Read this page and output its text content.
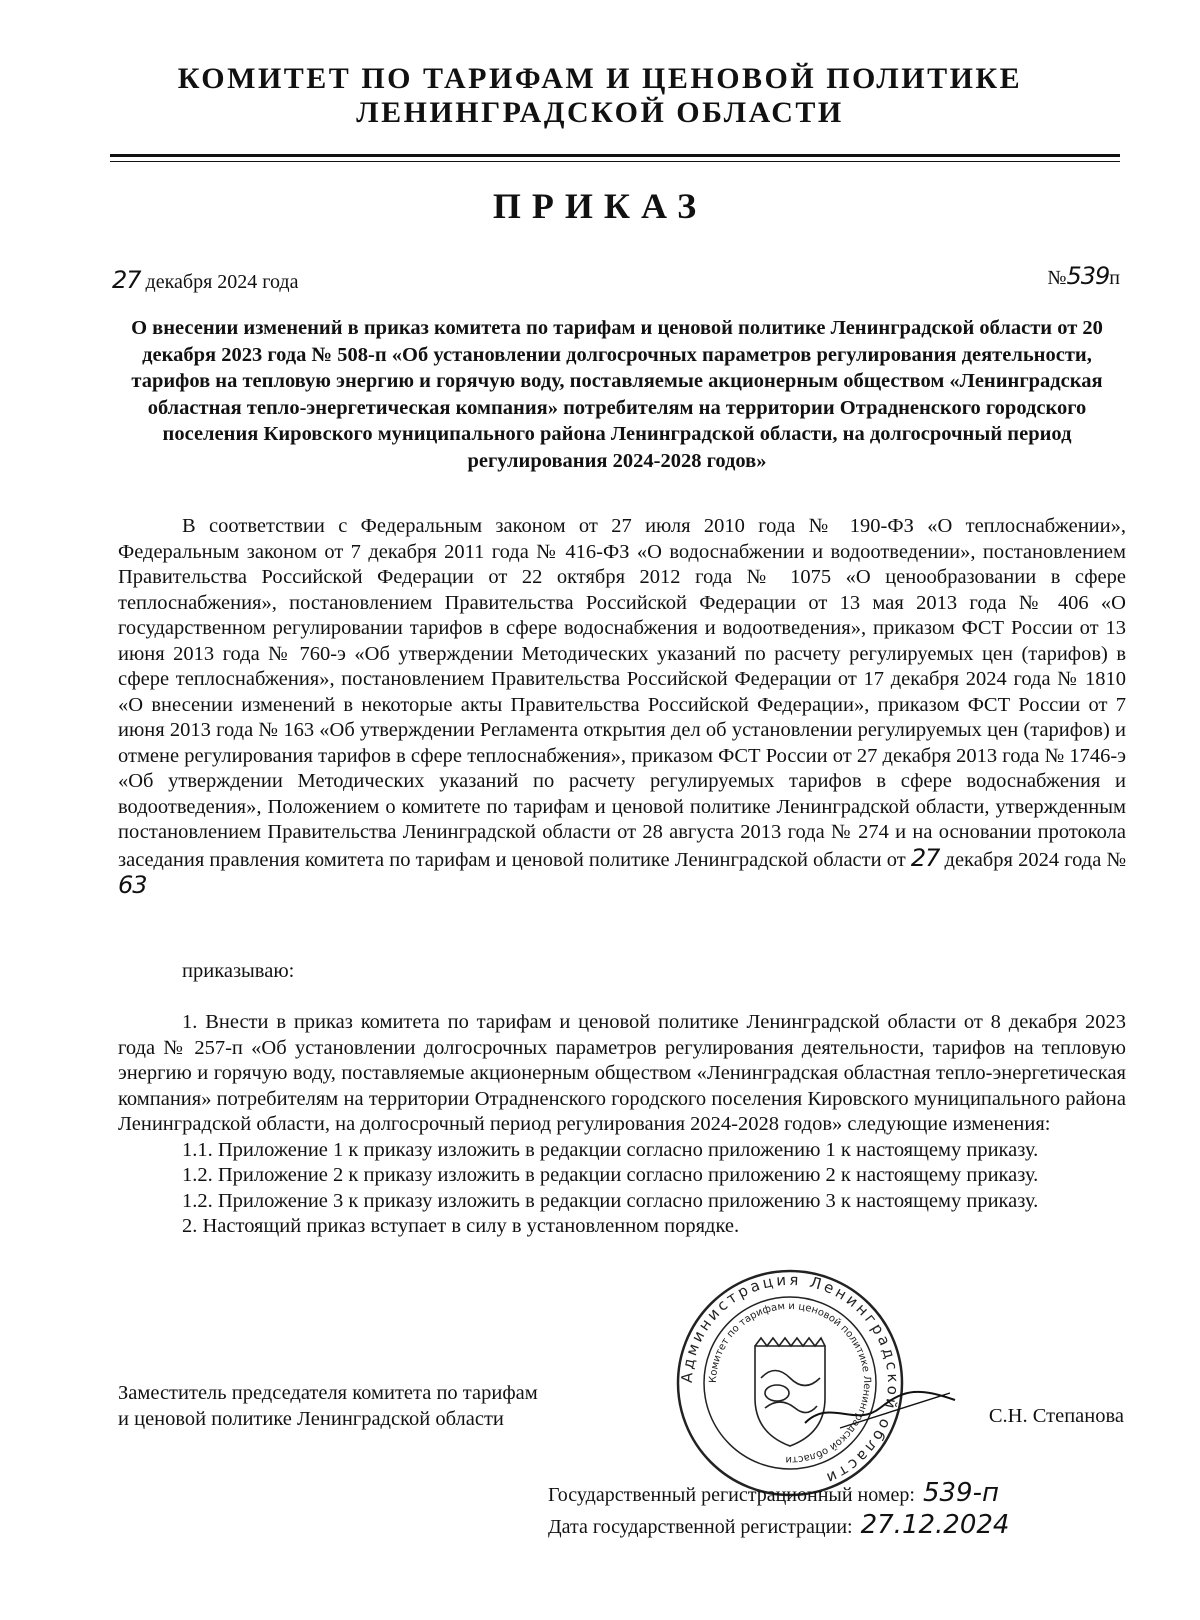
КОМИТЕТ ПО ТАРИФАМ И ЦЕНОВОЙ ПОЛИТИКЕ
ЛЕНИНГРАДСКОЙ ОБЛАСТИ
ПРИКАЗ
27 декабря 2024 года	№539п
О внесении изменений в приказ комитета по тарифам и ценовой политике Ленинградской области от 20 декабря 2023 года № 508-п «Об установлении долгосрочных параметров регулирования деятельности, тарифов на тепловую энергию и горячую воду, поставляемые акционерным обществом «Ленинградская областная тепло-энергетическая компания» потребителям на территории Отрадненского городского поселения Кировского муниципального района Ленинградской области, на долгосрочный период регулирования 2024-2028 годов»

В соответствии с Федеральным законом от 27 июля 2010 года № 190-ФЗ «О теплоснабжении», Федеральным законом от 7 декабря 2011 года № 416-ФЗ «О водоснабжении и водоотведении», постановлением Правительства Российской Федерации от 22 октября 2012 года № 1075 «О ценообразовании в сфере теплоснабжения», постановлением Правительства Российской Федерации от 13 мая 2013 года № 406 «О государственном регулировании тарифов в сфере водоснабжения и водоотведения», приказом ФСТ России от 13 июня 2013 года № 760-э «Об утверждении Методических указаний по расчету регулируемых цен (тарифов) в сфере теплоснабжения», постановлением Правительства Российской Федерации от 17 декабря 2024 года № 1810 «О внесении изменений в некоторые акты Правительства Российской Федерации», приказом ФСТ России от 7 июня 2013 года № 163 «Об утверждении Регламента открытия дел об установлении регулируемых цен (тарифов) и отмене регулирования тарифов в сфере теплоснабжения», приказом ФСТ России от 27 декабря 2013 года № 1746-э «Об утверждении Методических указаний по расчету регулируемых тарифов в сфере водоснабжения и водоотведения», Положением о комитете по тарифам и ценовой политике Ленинградской области, утвержденным постановлением Правительства Ленинградской области от 28 августа 2013 года № 274 и на основании протокола заседания правления комитета по тарифам и ценовой политике Ленинградской области от 27 декабря 2024 года № 63

приказываю:

1. Внести в приказ комитета по тарифам и ценовой политике Ленинградской области от 8 декабря 2023 года № 257-п «Об установлении долгосрочных параметров регулирования деятельности, тарифов на тепловую энергию и горячую воду, поставляемые акционерным обществом «Ленинградская областная тепло-энергетическая компания» потребителям на территории Отрадненского городского поселения Кировского муниципального района Ленинградской области, на долгосрочный период регулирования 2024-2028 годов» следующие изменения:

1.1. Приложение 1 к приказу изложить в редакции согласно приложению 1 к настоящему приказу.

1.2. Приложение 2 к приказу изложить в редакции согласно приложению 2 к настоящему приказу.

1.2. Приложение 3 к приказу изложить в редакции согласно приложению 3 к настоящему приказу.

2. Настоящий приказ вступает в силу в установленном порядке.

Заместитель председателя комитета по тарифам
и ценовой политике Ленинградской области
Администрация Ленинградской области
Комитет по тарифам и ценовой политике Ленинградской области
С.Н. Степанова
Государственный регистрационный номер: 539-п
Дата государственной регистрации: 27.12.2024
